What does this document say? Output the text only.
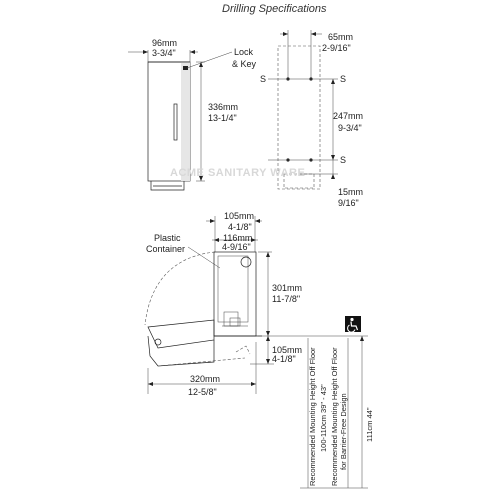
Drilling Specifications
96mm
3-3/4"	Lock
& Key
336mm
13-1/4"
65mm
2-9/16"
S	S
S
247mm
9-3/4"
15mm
9/16"
ACME SANITARY WARE
105mm
4-1/8"
116mm
4-9/16"
Plastic
Container
301mm
11-7/8"
105mm
4-1/8"
320mm
12-5/8"	Recommended Mounting Height Off Floor 100-110cm 39" - 43" Recommended Mounting Height Off Floor for Barrier-Free Design 111cm 44"
